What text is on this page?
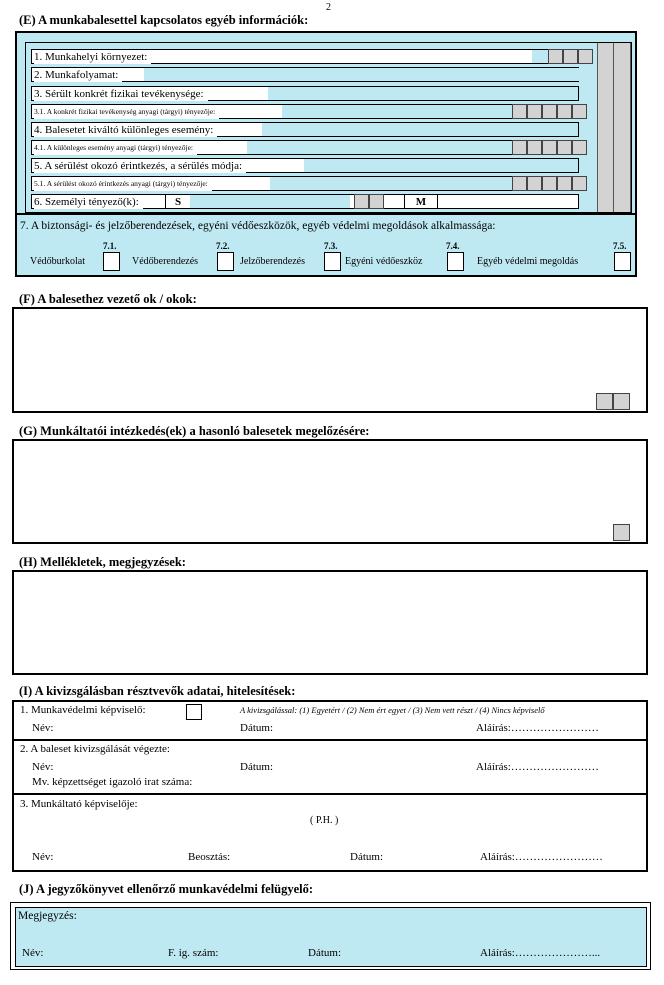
2
(E) A munkabalesettel kapcsolatos egyéb információk:
1. Munkahelyi környezet:
2. Munkafolyamat:
3. Sérült konkrét fizikai tevékenysége:
3.1. A konkrét fizikai tevékenység anyagi (tárgyi) tényezője:
4. Balesetet kiváltó különleges esemény:
4.1. A különleges esemény anyagi (tárgyi) tényezője:
5. A sérülést okozó érintkezés, a sérülés módja:
5.1. A sérülést okozó érintkezés anyagi (tárgyi) tényezője:
6. Személyi tényező(k):	S	M
7. A biztonsági- és jelzőberendezések, egyéni védőeszközök, egyéb védelmi megoldások alkalmassága:
7.1.
Védőburkolat
7.2.
Védőberendezés
7.3.
Jelzőberendezés
7.4.
Egyéni védőeszköz
7.5.
Egyéb védelmi megoldás
(F) A balesethez vezető ok / okok:
(G) Munkáltatói intézkedés(ek) a hasonló balesetek megelőzésére:
(H) Mellékletek, megjegyzések:
(I) A kivizsgálásban résztvevők adatai, hitelesítések:
1. Munkavédelmi képviselő:	A kivizsgálással: (1) Egyetért / (2) Nem ért egyet / (3) Nem vett részt / (4) Nincs képviselő
Név:	Dátum:	Aláírás:……………………
2. A baleset kivizsgálását végezte:
Név:	Dátum:	Aláírás:……………………
Mv. képzettséget igazoló irat száma:
3. Munkáltató képviselője:
( P.H. )
Név:	Beosztás:	Dátum:	Aláírás:……………………
(J) A jegyzőkönyvet ellenőrző munkavédelmi felügyelő:
Megjegyzés:
Név:	F. ig. szám:	Dátum:	Aláírás:…………………...
